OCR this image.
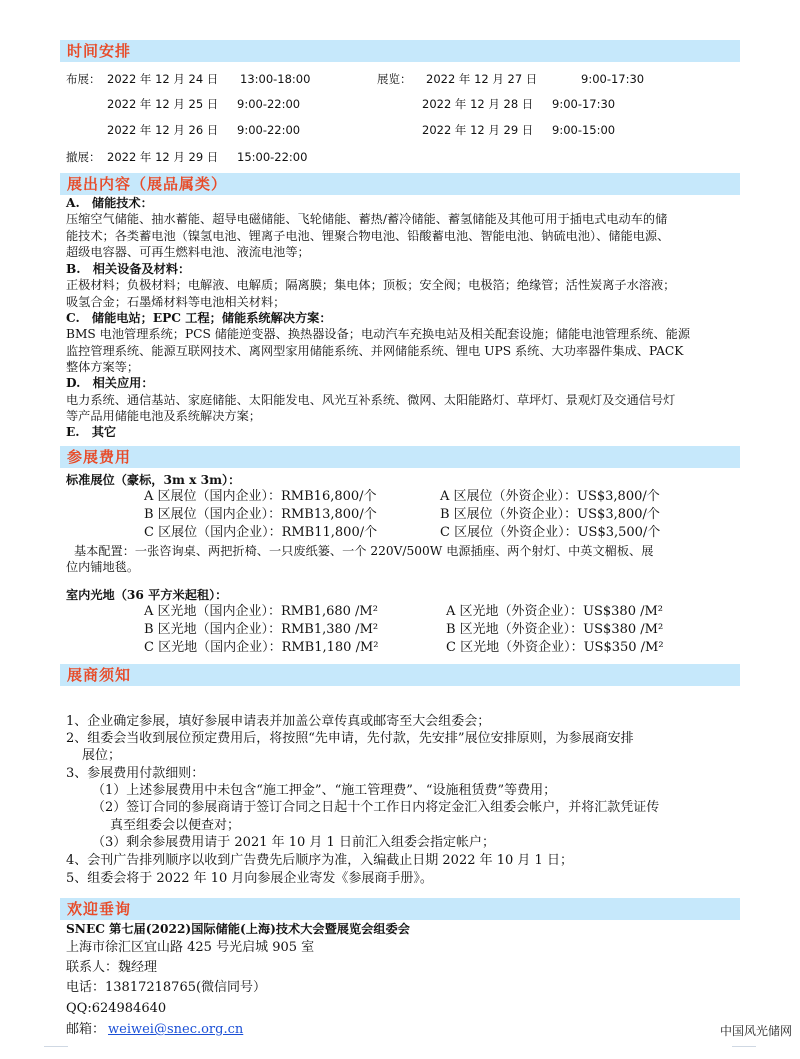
时间安排
布展： 2022 年 12 月 24 日 13:00-18:00
2022 年 12 月 25 日 9:00-22:00
2022 年 12 月 26 日 9:00-22:00
展览： 2022 年 12 月 27 日	9:00-17:30
2022 年 12 月 28 日 9:00-17:30
2022 年 12 月 29 日 9:00-15:00
撤展： 2022 年 12 月 29 日 15:00-22:00
展出内容（展品属类）
A.　储能技术：
压缩空气储能、抽水蓄能、超导电磁储能、飞轮储能、蓄热/蓄冷储能、蓄氢储能及其他可用于插电式电动车的储
能技术；各类蓄电池（镍氢电池、锂离子电池、锂聚合物电池、铅酸蓄电池、智能电池、钠硫电池）、储能电源、
超级电容器、可再生燃料电池、液流电池等；
B.　相关设备及材料：
正极材料；负极材料；电解液、电解质；隔离膜；集电体；顶板；安全阀；电极箔；绝缘管；活性炭离子水溶液；
吸氢合金；石墨烯材料等电池相关材料；
C.　储能电站；EPC 工程；储能系统解决方案：
BMS 电池管理系统；PCS 储能逆变器、换热器设备；电动汽车充换电站及相关配套设施；储能电池管理系统、能源
监控管理系统、能源互联网技术、离网型家用储能系统、并网储能系统、锂电 UPS 系统、大功率器件集成、PACK
整体方案等；
D.　相关应用：
电力系统、通信基站、家庭储能、太阳能发电、风光互补系统、微网、太阳能路灯、草坪灯、景观灯及交通信号灯
等产品用储能电池及系统解决方案；
E.　其它
参展费用
标准展位（豪标，3m x 3m）：
A 区展位（国内企业）：RMB16,800/个	A 区展位（外资企业）：US$3,800/个
B 区展位（国内企业）：RMB13,800/个	B 区展位（外资企业）：US$3,800/个
C 区展位（国内企业）：RMB11,800/个	C 区展位（外资企业）：US$3,500/个
基本配置：一张咨询桌、两把折椅、一只废纸篓、一个 220V/500W 电源插座、两个射灯、中英文楣板、展
位内铺地毯。
室内光地（36 平方米起租）：
A 区光地（国内企业）：RMB1,680 /M²	A 区光地（外资企业）：US$380 /M²
B 区光地（国内企业）：RMB1,380 /M²	B 区光地（外资企业）：US$380 /M²
C 区光地（国内企业）：RMB1,180 /M²	C 区光地（外资企业）：US$350 /M²
展商须知
1、企业确定参展，填好参展申请表并加盖公章传真或邮寄至大会组委会；
2、组委会当收到展位预定费用后，将按照“先申请，先付款，先安排”展位安排原则，为参展商安排
展位；
3、参展费用付款细则：
（1）上述参展费用中未包含“施工押金”、“施工管理费”、“设施租赁费”等费用；
（2）签订合同的参展商请于签订合同之日起十个工作日内将定金汇入组委会帐户，并将汇款凭证传
真至组委会以便查对；
（3）剩余参展费用请于 2021 年 10 月 1 日前汇入组委会指定帐户；
4、会刊广告排列顺序以收到广告费先后顺序为准，入编截止日期 2022 年 10 月 1 日；
5、组委会将于 2022 年 10 月向参展企业寄发《参展商手册》。
欢迎垂询
SNEC 第七届(2022)国际储能(上海)技术大会暨展览会组委会
上海市徐汇区宜山路 425 号光启城 905 室
联系人：魏经理
电话：13817218765(微信同号）
QQ:624984640
邮箱： weiwei@snec.org.cn	中国风光储网
